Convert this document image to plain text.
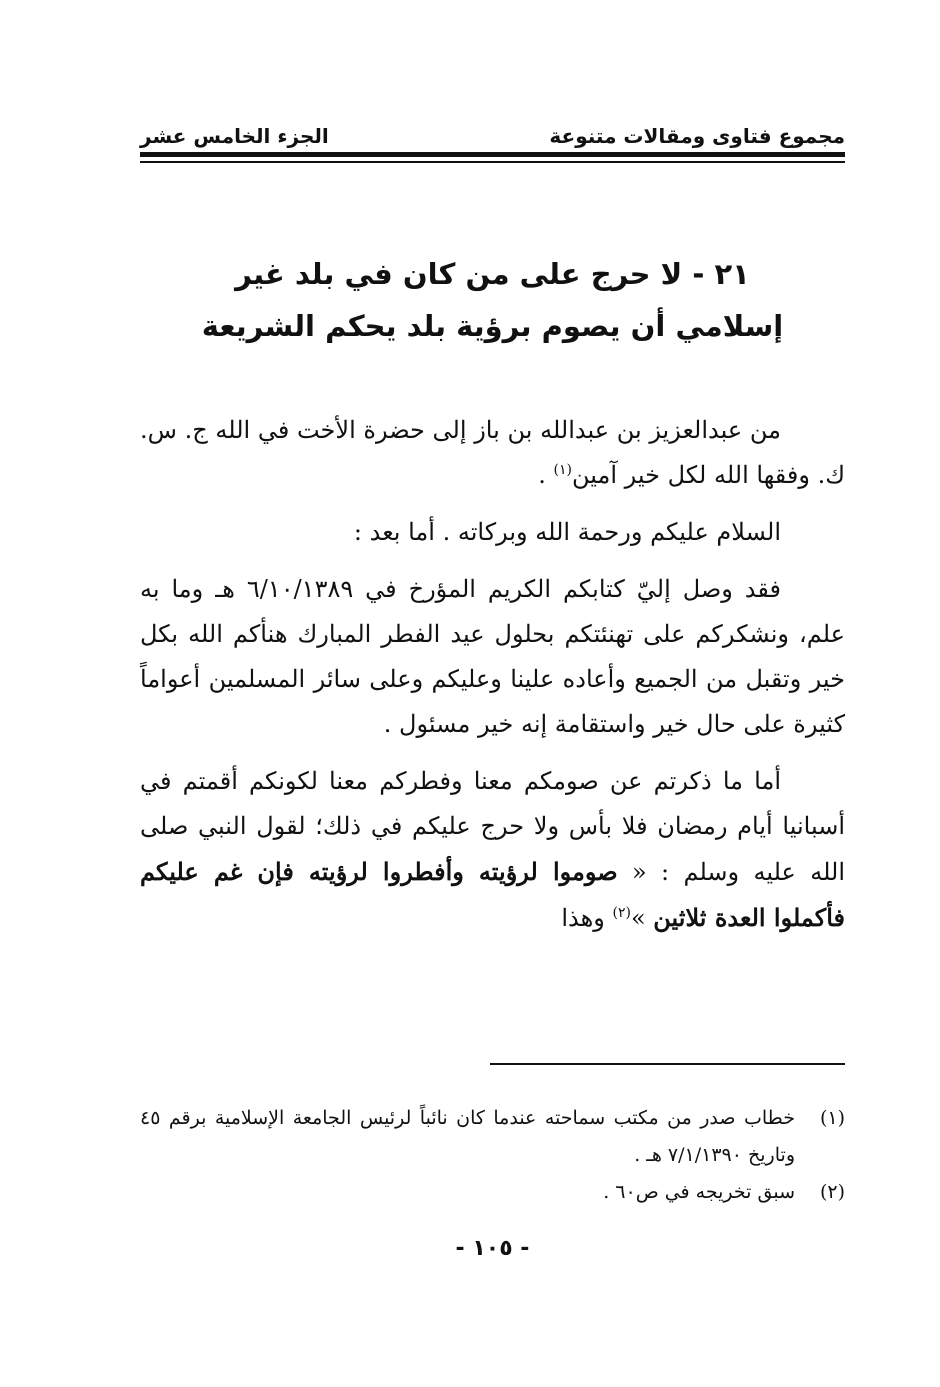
مجموع فتاوى ومقالات متنوعة
الجزء الخامس عشر
٢١ - لا حرج على من كان في بلد غير
إسلامي أن يصوم برؤية بلد يحكم الشريعة

من عبدالعزيز بن عبدالله بن باز إلى حضرة الأخت في الله ج. س. ك. وفقها الله لكل خير آمين$^{(١)}$ .

السلام عليكم ورحمة الله وبركاته . أما بعد :

فقد وصل إليّ كتابكم الكريم المؤرخ في ٦/١٠/١٣٨٩ هـ وما به علم، ونشكركم على تهنئتكم بحلول عيد الفطر المبارك هنأكم الله بكل خير وتقبل من الجميع وأعاده علينا وعليكم وعلى سائر المسلمين أعواماً كثيرة على حال خير واستقامة إنه خير مسئول .

أما ما ذكرتم عن صومكم معنا وفطركم معنا لكونكم أقمتم في أسبانيا أيام رمضان فلا بأس ولا حرج عليكم في ذلك؛ لقول النبي صلى الله عليه وسلم : « صوموا لرؤيته وأفطروا لرؤيته فإن غم عليكم فأكملوا العدة ثلاثين »$^{(٢)}$ وهذا

(١)
خطاب صدر من مكتب سماحته عندما كان نائباً لرئيس الجامعة الإسلامية برقم ٤٥ وتاريخ ٧/١/١٣٩٠ هـ .
(٢)
سبق تخريجه في ص٦٠ .
- ١٠٥ -
